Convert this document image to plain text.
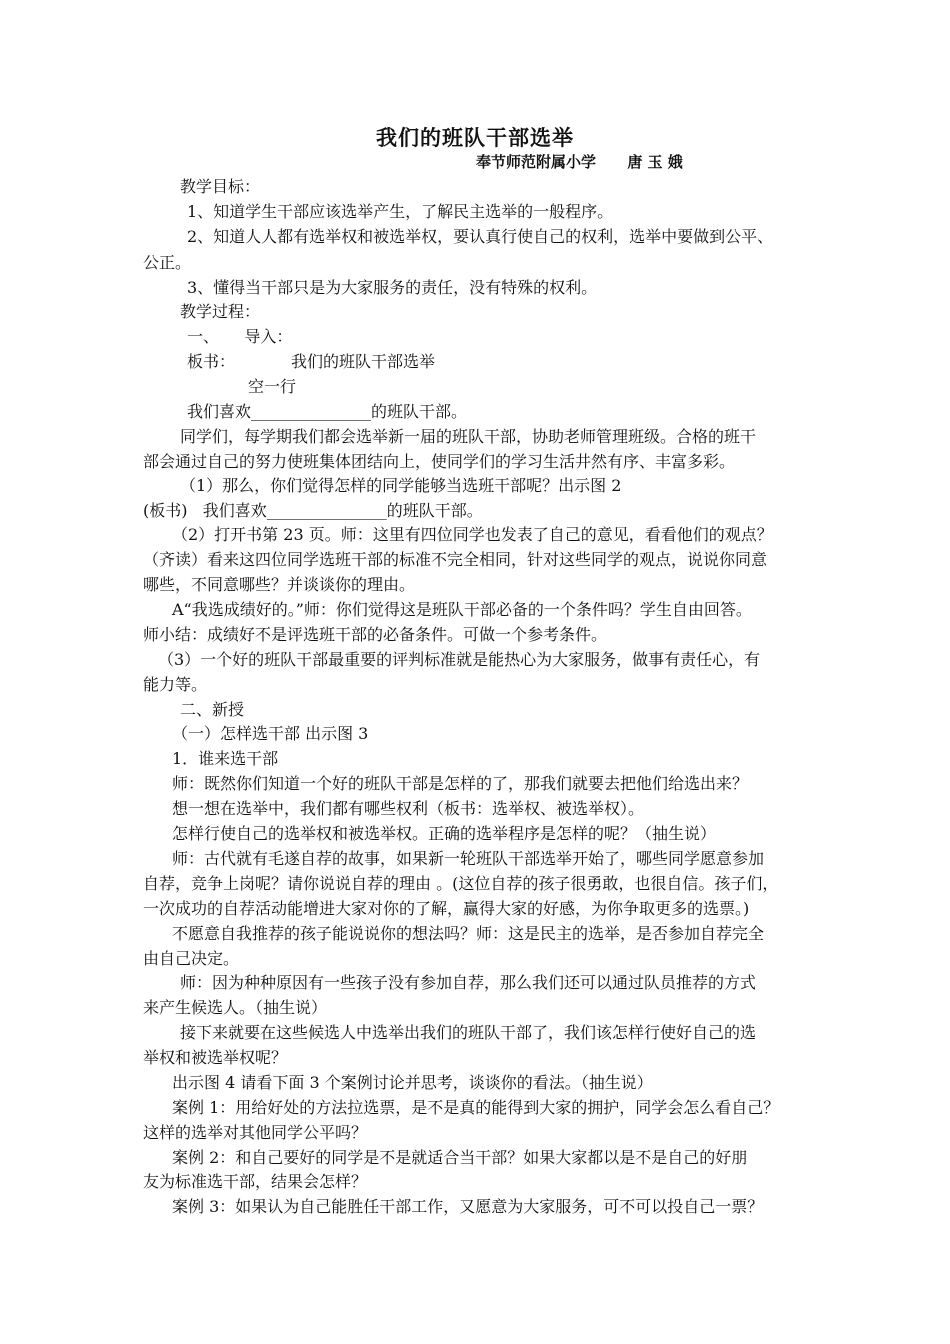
我们的班队干部选举
奉节师范附属小学      唐 玉 娥
教学目标：
1、知道学生干部应该选举产生，了解民主选举的一般程序。
2、知道人人都有选举权和被选举权，要认真行使自己的权利，选举中要做到公平、
公正。
3、懂得当干部只是为大家服务的责任，没有特殊的权利。
教学过程：
一、     导入：
板书：           我们的班队干部选举
空一行
我们喜欢_______________的班队干部。
同学们，每学期我们都会选举新一届的班队干部，协助老师管理班级。合格的班干
部会通过自己的努力使班集体团结向上，使同学们的学习生活井然有序、丰富多彩。
（1）那么，你们觉得怎样的同学能够当选班干部呢？出示图 2
(板书)   我们喜欢_______________的班队干部。
（2）打开书第 23 页。师：这里有四位同学也发表了自己的意见，看看他们的观点？
（齐读）看来这四位同学选班干部的标准不完全相同，针对这些同学的观点，说说你同意
哪些，不同意哪些？并谈谈你的理由。
A“我选成绩好的。”师：你们觉得这是班队干部必备的一个条件吗？学生自由回答。
师小结：成绩好不是评选班干部的必备条件。可做一个参考条件。
（3）一个好的班队干部最重要的评判标准就是能热心为大家服务，做事有责任心，有
能力等。
二、新授
（一）怎样选干部 出示图 3
1．谁来选干部
师：既然你们知道一个好的班队干部是怎样的了，那我们就要去把他们给选出来？
想一想在选举中，我们都有哪些权利（板书：选举权、被选举权）。
怎样行使自己的选举权和被选举权。正确的选举程序是怎样的呢？（抽生说）
师：古代就有毛遂自荐的故事，如果新一轮班队干部选举开始了，哪些同学愿意参加
自荐，竞争上岗呢？请你说说自荐的理由 。(这位自荐的孩子很勇敢，也很自信。孩子们，
一次成功的自荐活动能增进大家对你的了解，赢得大家的好感，为你争取更多的选票。)
不愿意自我推荐的孩子能说说你的想法吗？师：这是民主的选举，是否参加自荐完全
由自己决定。
师：因为种种原因有一些孩子没有参加自荐，那么我们还可以通过队员推荐的方式
来产生候选人。（抽生说）
接下来就要在这些候选人中选举出我们的班队干部了，我们该怎样行使好自己的选
举权和被选举权呢？
出示图 4 请看下面 3 个案例讨论并思考，谈谈你的看法。（抽生说）
案例 1：用给好处的方法拉选票，是不是真的能得到大家的拥护，同学会怎么看自己？
这样的选举对其他同学公平吗？
案例 2：和自己要好的同学是不是就适合当干部？如果大家都以是不是自己的好朋
友为标准选干部，结果会怎样？
案例 3：如果认为自己能胜任干部工作，又愿意为大家服务，可不可以投自己一票？
